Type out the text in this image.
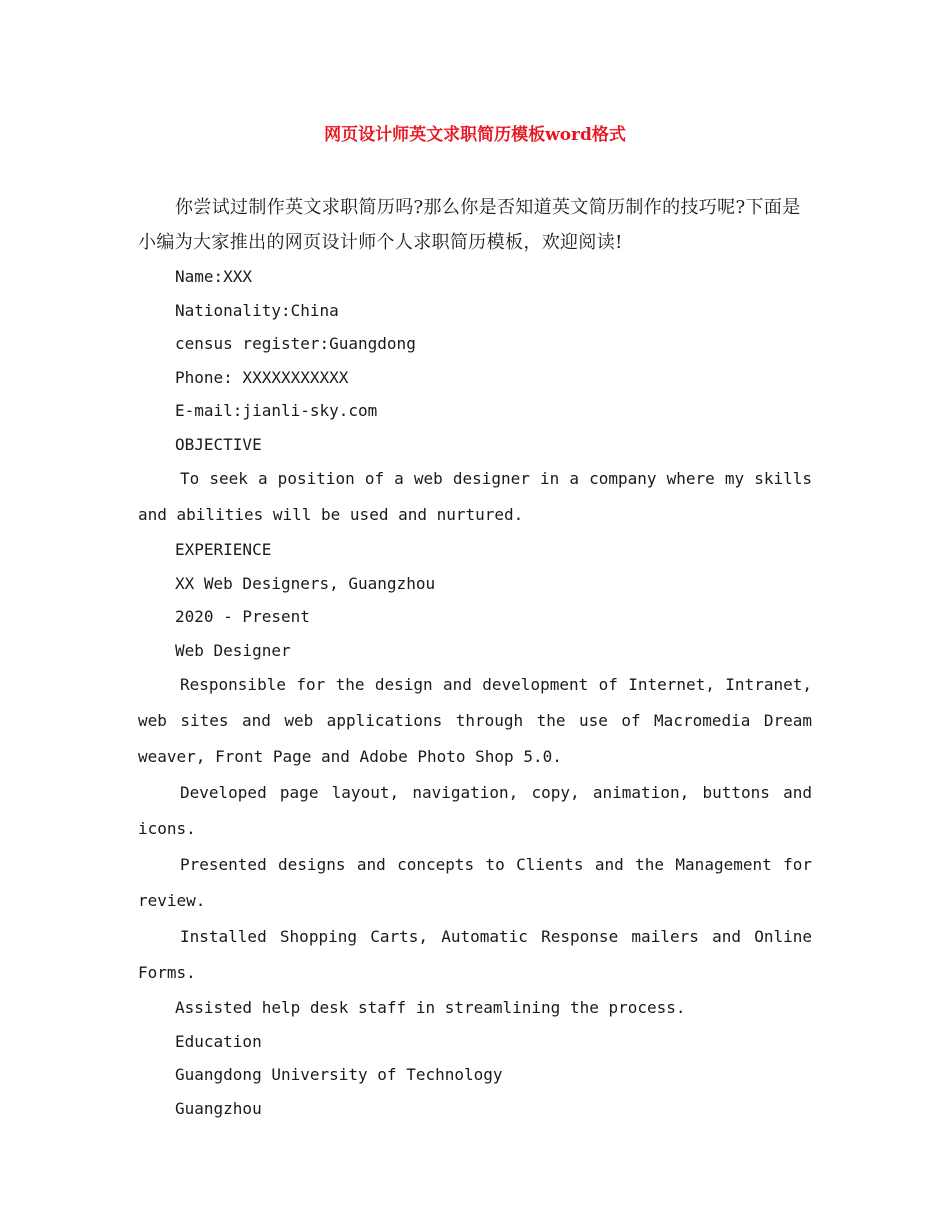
网页设计师英文求职简历模板word格式

你尝试过制作英文求职简历吗?那么你是否知道英文简历制作的技巧呢?下面是小编为大家推出的网页设计师个人求职简历模板，欢迎阅读!

Name:XXX

Nationality:China

census register:Guangdong

Phone: XXXXXXXXXXX

E-mail:jianli-sky.com

OBJECTIVE

To seek a position of a web designer in a company where my skills and abilities will be used and nurtured.

EXPERIENCE

XX Web Designers, Guangzhou

2020 - Present

Web Designer

Responsible for the design and development of Internet, Intranet, web sites and web applications through the use of Macromedia Dream weaver, Front Page and Adobe Photo Shop 5.0.

Developed page layout, navigation, copy, animation, buttons and icons.

Presented designs and concepts to Clients and the Management for review.

Installed Shopping Carts, Automatic Response mailers and Online Forms.

Assisted help desk staff in streamlining the process.

Education

Guangdong University of Technology

Guangzhou
